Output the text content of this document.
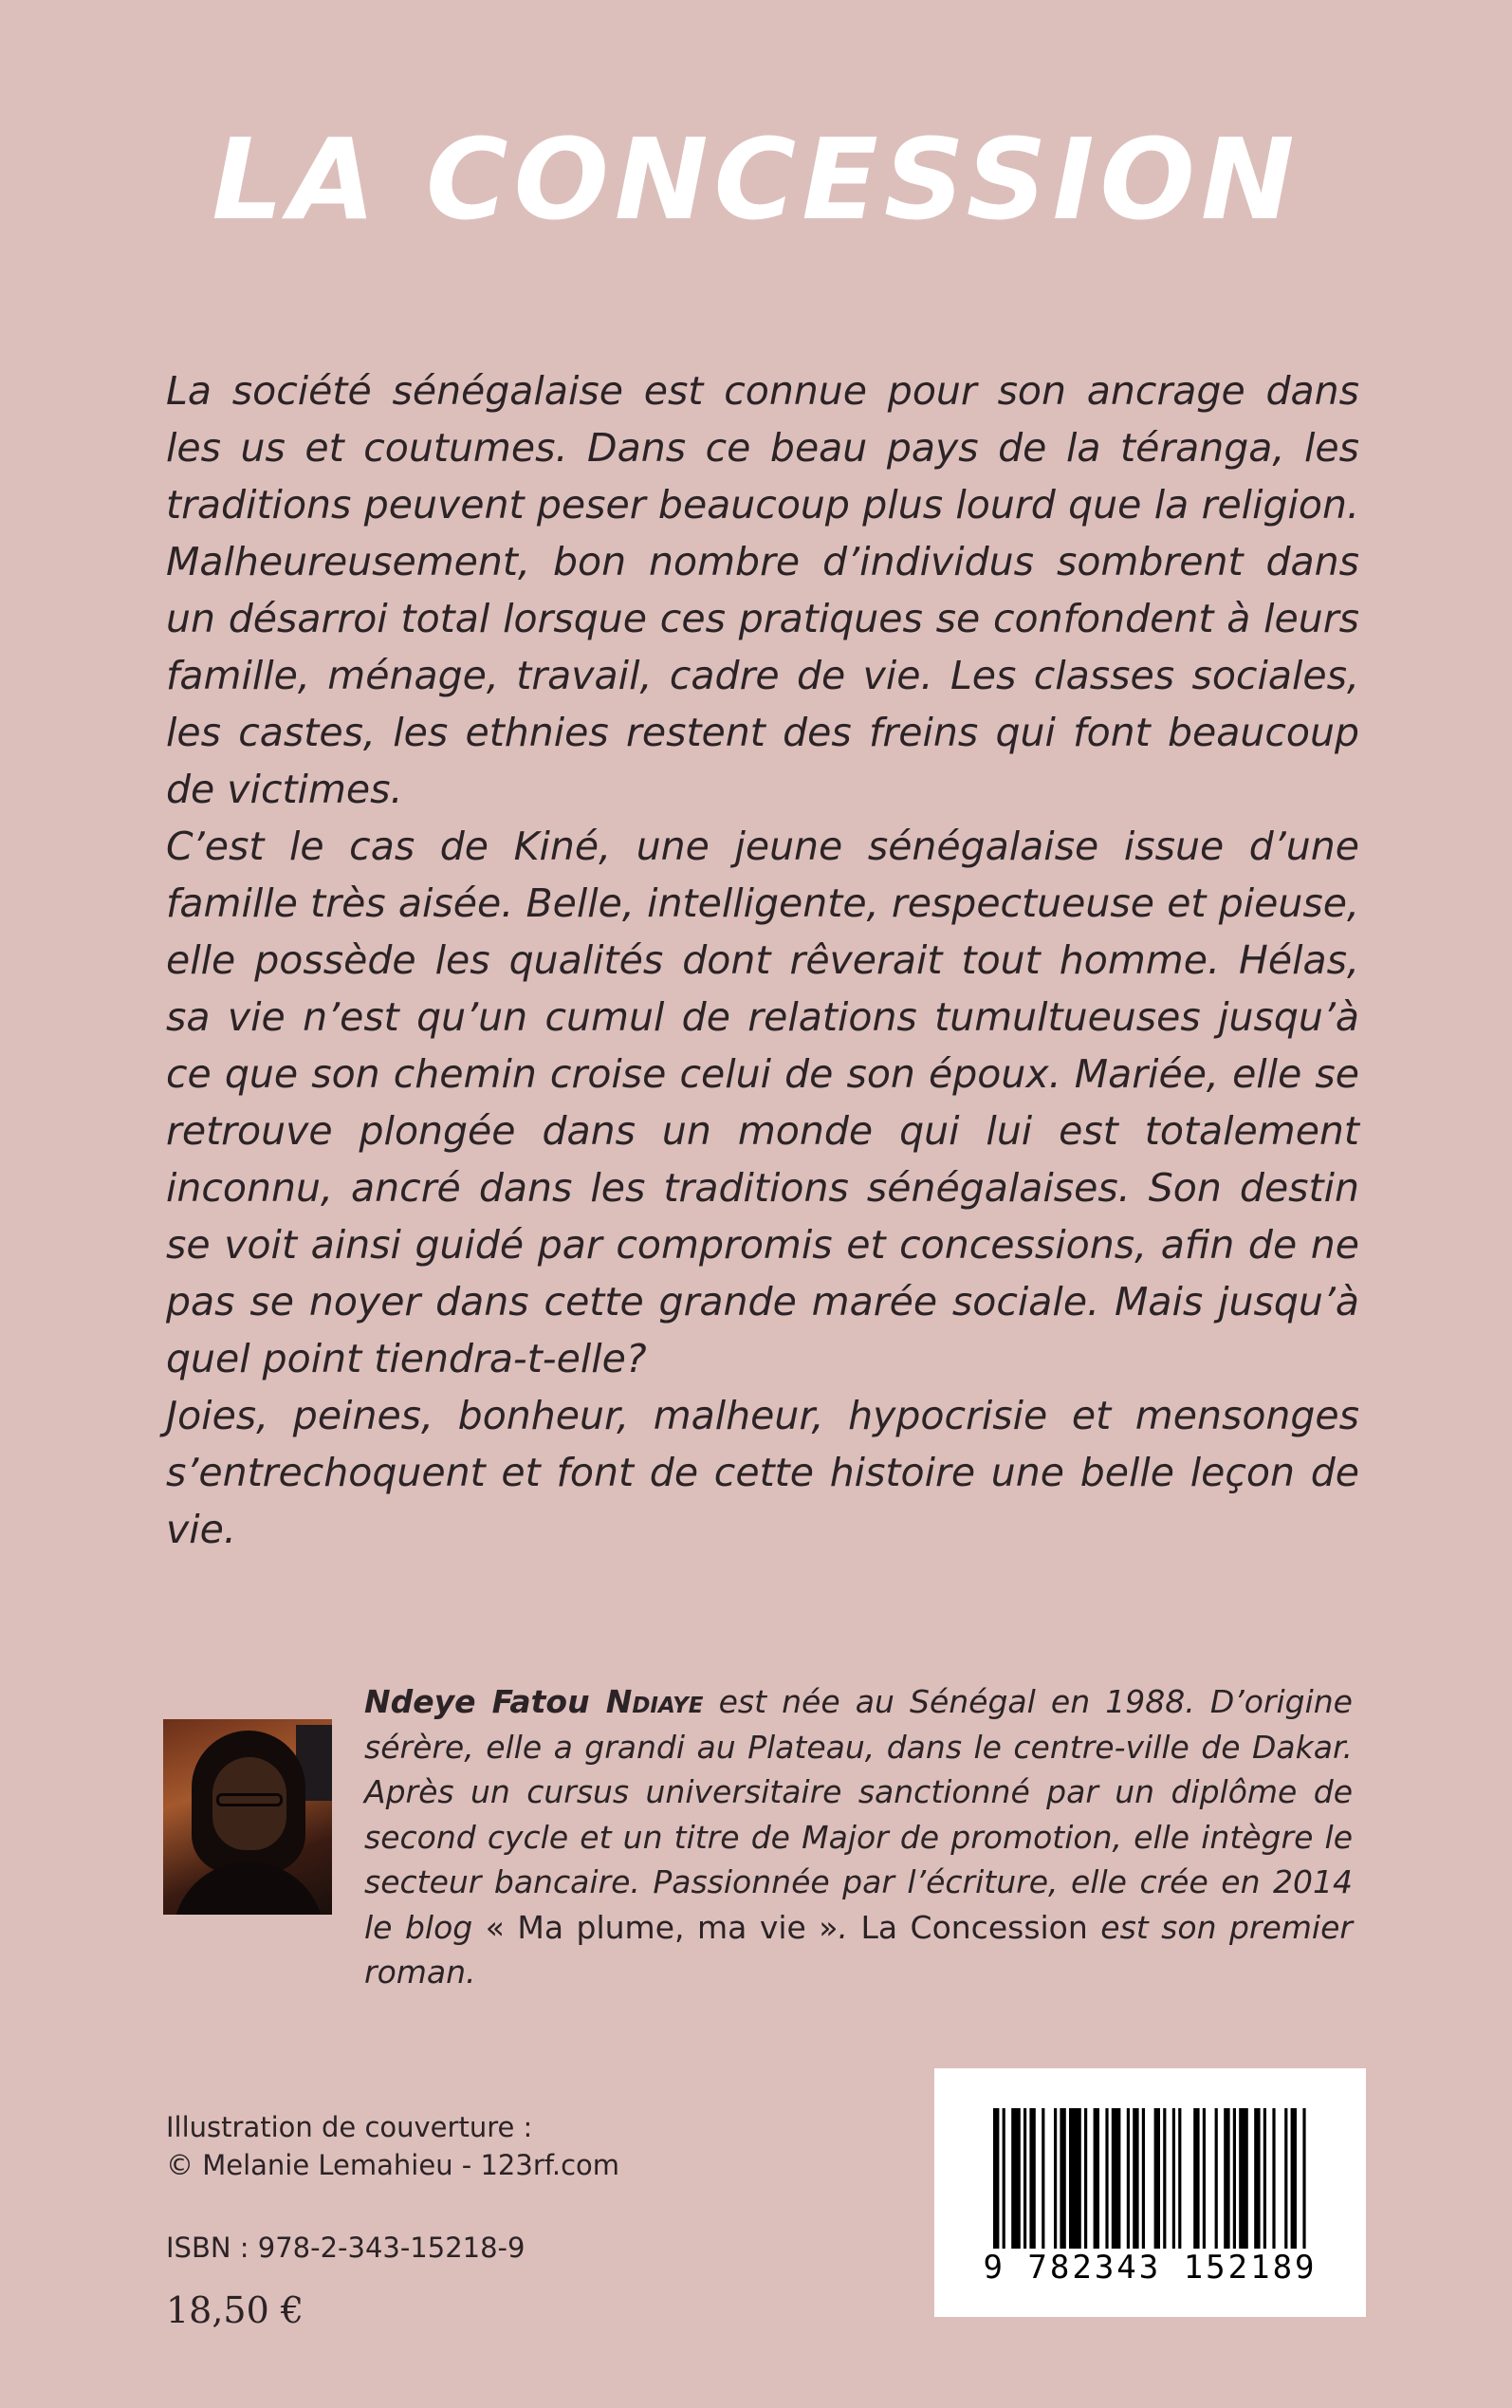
LA CONCESSION

La société sénégalaise est connue pour son ancrage dans les us et coutumes. Dans ce beau pays de la téranga, les traditions peuvent peser beaucoup plus lourd que la religion. Malheureusement, bon nombre d’individus sombrent dans un désarroi total lorsque ces pratiques se confondent à leurs famille, ménage, travail, cadre de vie. Les classes sociales, les castes, les ethnies restent des freins qui font beaucoup de victimes.

C’est le cas de Kiné, une jeune sénégalaise issue d’une famille très aisée. Belle, intelligente, respectueuse et pieuse, elle possède les qualités dont rêverait tout homme. Hélas, sa vie n’est qu’un cumul de relations tumultueuses jusqu’à ce que son chemin croise celui de son époux. Mariée, elle se retrouve plongée dans un monde qui lui est totalement inconnu, ancré dans les traditions sénégalaises. Son destin se voit ainsi guidé par compromis et concessions, afin de ne pas se noyer dans cette grande marée sociale. Mais jusqu’à quel point tiendra-t-elle?

Joies, peines, bonheur, malheur, hypocrisie et mensonges s’entrechoquent et font de cette histoire une belle leçon de vie.

Ndeye Fatou Ndiaye est née au Sénégal en 1988. D’origine sérère, elle a grandi au Plateau, dans le centre-ville de Dakar. Après un cursus universitaire sanctionné par un diplôme de second cycle et un titre de Major de promotion, elle intègre le secteur bancaire. Passionnée par l’écriture, elle crée en 2014 le blog « Ma plume, ma vie ». La Concession est son premier roman.

Illustration de couverture :
© Melanie Lemahieu - 123rf.com
ISBN : 978-2-343-15218-9
18,50 €
9 782343 152189
